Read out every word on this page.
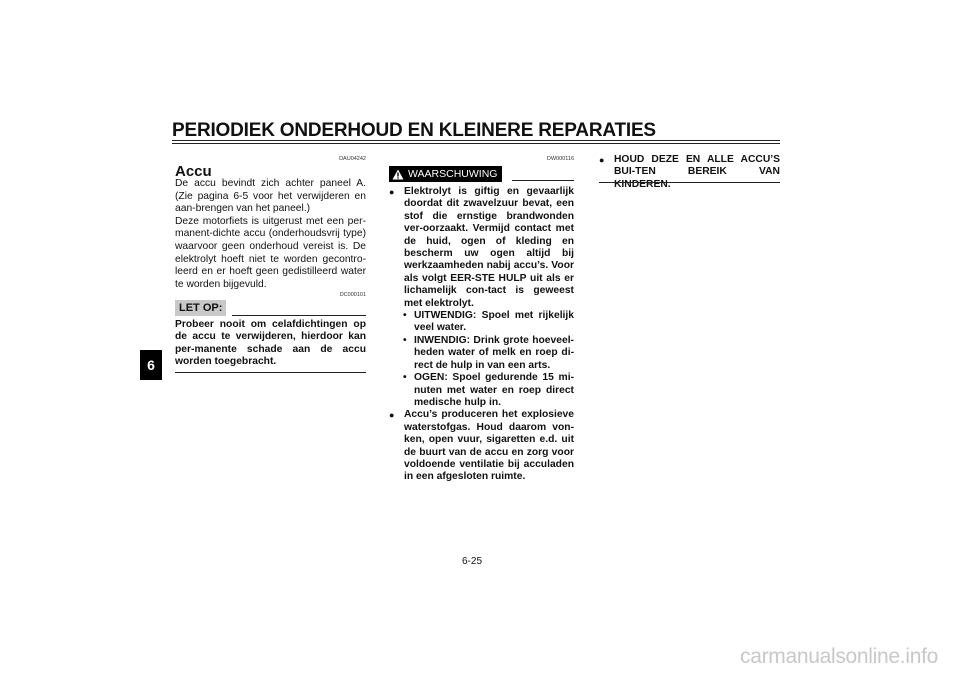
PERIODIEK ONDERHOUD EN KLEINERE REPARATIES
6
DAU04242
Accu

De accu bevindt zich achter paneel A. (Zie pagina 6-5 voor het verwijderen en aan-brengen van het paneel.)

Deze motorfiets is uitgerust met een per-manent-dichte accu (onderhoudsvrij type) waarvoor geen onderhoud vereist is. De elektrolyt hoeft niet te worden gecontro-leerd en er hoeft geen gedistilleerd water te worden bijgevuld.

DC000101
LET OP:
Probeer nooit om celafdichtingen op de accu te verwijderen, hierdoor kan per-manente schade aan de accu worden toegebracht.
DW000116
WAARSCHUWING
● Elektrolyt is giftig en gevaarlijk doordat dit zwavelzuur bevat, een stof die ernstige brandwonden ver-oorzaakt. Vermijd contact met de huid, ogen of kleding en bescherm uw ogen altijd bij werkzaamheden nabij accu’s. Voor als volgt EER-STE HULP uit als er lichamelijk con-tact is geweest met elektrolyt.
• UITWENDIG: Spoel met rijkelijk veel water.
• INWENDIG: Drink grote hoeveel-heden water of melk en roep di-rect de hulp in van een arts.
• OGEN: Spoel gedurende 15 mi-nuten met water en roep direct medische hulp in.
● Accu’s produceren het explosieve waterstofgas. Houd daarom von-ken, open vuur, sigaretten e.d. uit de buurt van de accu en zorg voor voldoende ventilatie bij acculaden in een afgesloten ruimte.
● HOUD DEZE EN ALLE ACCU’S BUI-TEN BEREIK VAN KINDEREN.
6-25
carmanualsonline.info
